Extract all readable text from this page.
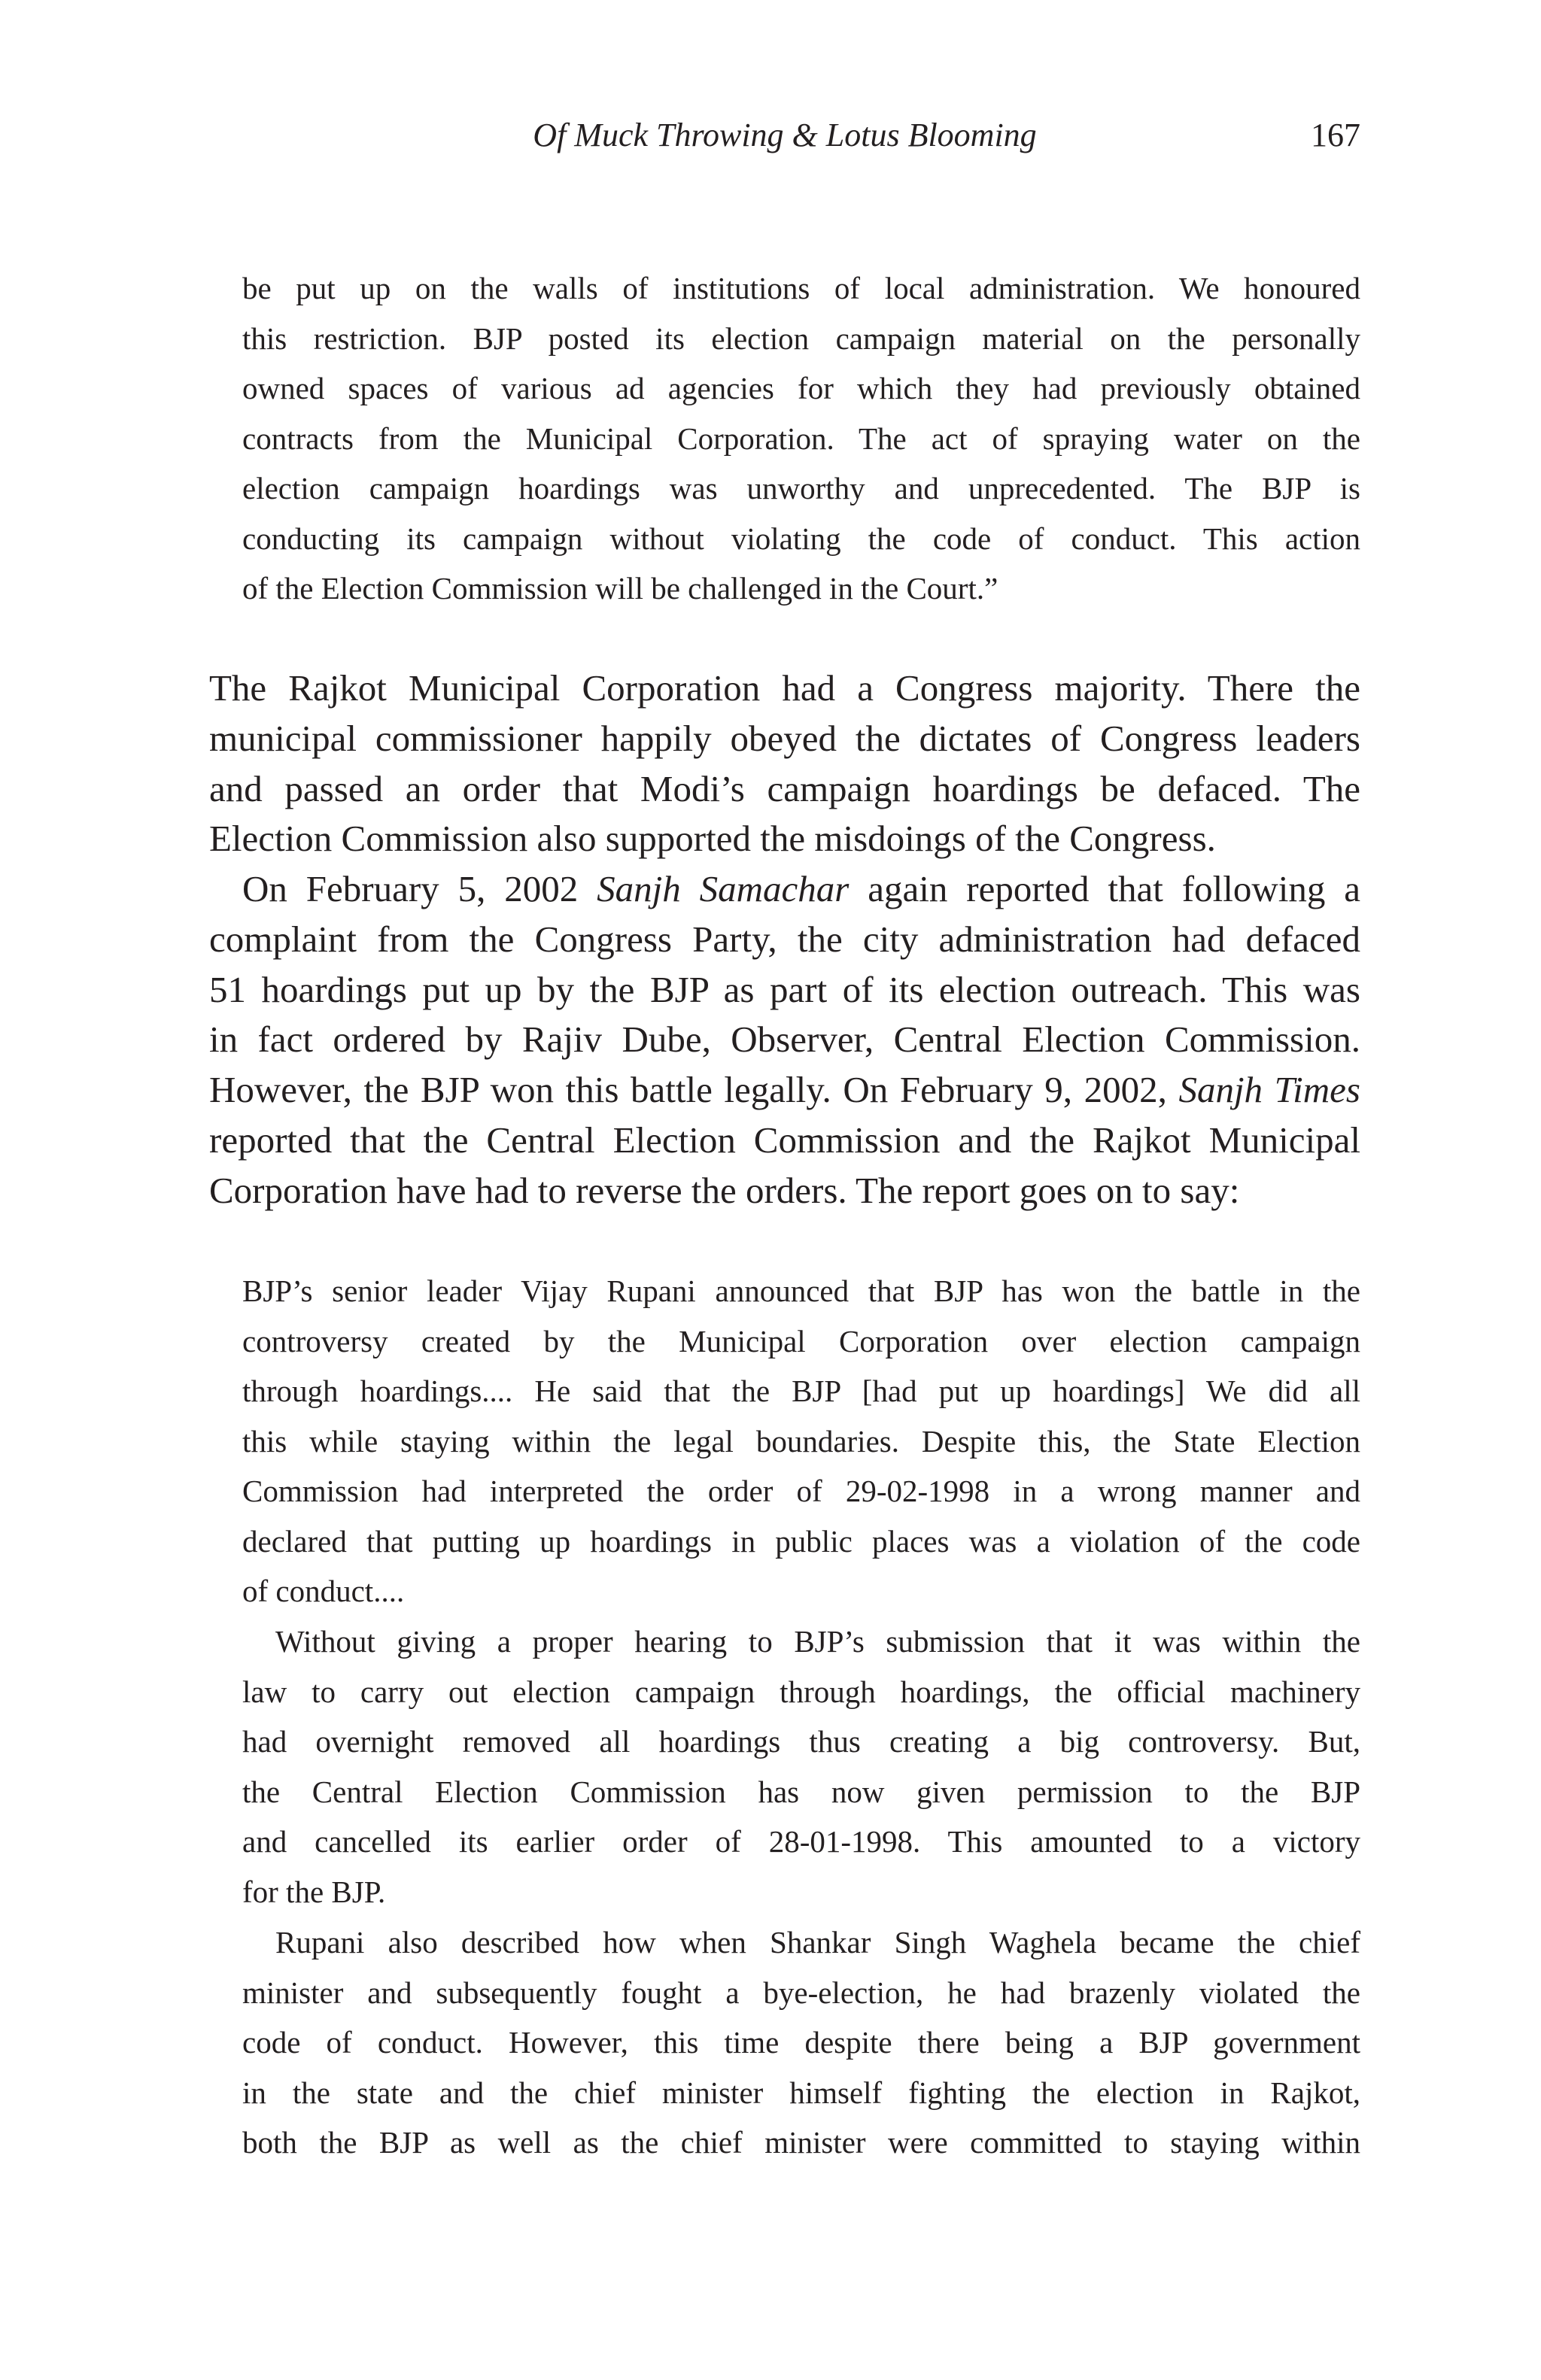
Of Muck Throwing & Lotus Blooming	167
be put up on the walls of institutions of local administration. We honoured
this restriction. BJP posted its election campaign material on the personally
owned spaces of various ad agencies for which they had previously obtained
contracts from the Municipal Corporation. The act of spraying water on the
election campaign hoardings was unworthy and unprecedented. The BJP is
conducting its campaign without violating the code of conduct. This action
of the Election Commission will be challenged in the Court.”
The Rajkot Municipal Corporation had a Congress majority. There the
municipal commissioner happily obeyed the dictates of Congress leaders
and passed an order that Modi’s campaign hoardings be defaced. The
Election Commission also supported the misdoings of the Congress.
On February 5, 2002 Sanjh Samachar again reported that following a
complaint from the Congress Party, the city administration had defaced
51 hoardings put up by the BJP as part of its election outreach. This was
in fact ordered by Rajiv Dube, Observer, Central Election Commission.
However, the BJP won this battle legally. On February 9, 2002, Sanjh Times
reported that the Central Election Commission and the Rajkot Municipal
Corporation have had to reverse the orders. The report goes on to say:
BJP’s senior leader Vijay Rupani announced that BJP has won the battle in the
controversy created by the Municipal Corporation over election campaign
through hoardings.... He said that the BJP [had put up hoardings] We did all
this while staying within the legal boundaries. Despite this, the State Election
Commission had interpreted the order of 29-02-1998 in a wrong manner and
declared that putting up hoardings in public places was a violation of the code
of conduct....
Without giving a proper hearing to BJP’s submission that it was within the
law to carry out election campaign through hoardings, the official machinery
had overnight removed all hoardings thus creating a big controversy. But,
the Central Election Commission has now given permission to the BJP
and cancelled its earlier order of 28-01-1998. This amounted to a victory
for the BJP.
Rupani also described how when Shankar Singh Waghela became the chief
minister and subsequently fought a bye-election, he had brazenly violated the
code of conduct. However, this time despite there being a BJP government
in the state and the chief minister himself fighting the election in Rajkot,
both the BJP as well as the chief minister were committed to staying within
